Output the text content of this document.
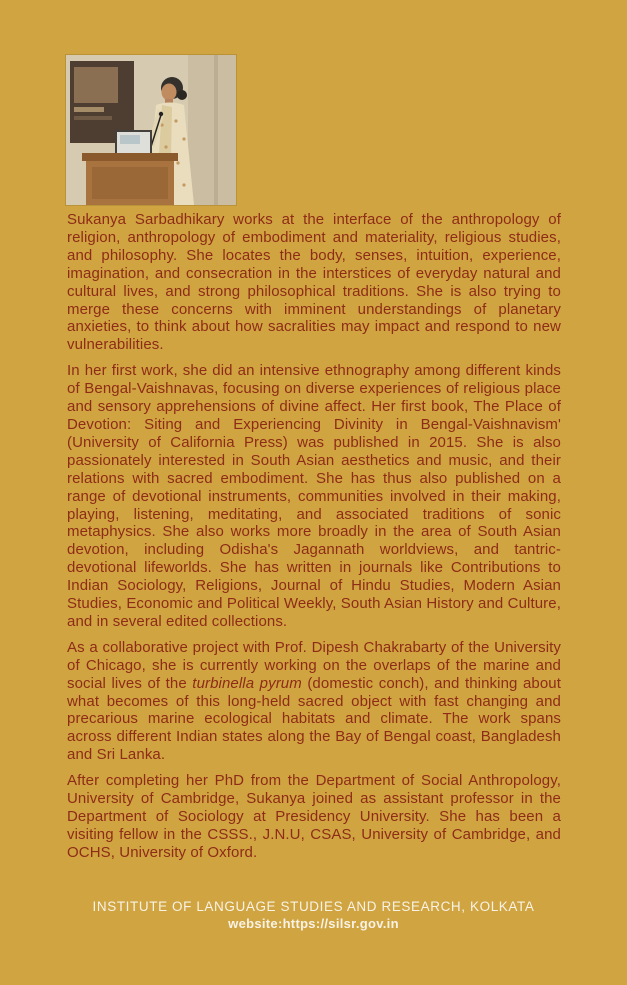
Sukanya Sarbadhikary works at the interface of the anthropology of religion, anthropology of embodiment and materiality, religious studies, and philosophy. She locates the body, senses, intuition, experience, imagination, and consecration in the interstices of everyday natural and cultural lives, and strong philosophical traditions. She is also trying to merge these concerns with imminent understandings of planetary anxieties, to think about how sacralities may impact and respond to new vulnerabilities.

In her first work, she did an intensive ethnography among different kinds of Bengal-Vaishnavas, focusing on diverse experiences of religious place and sensory apprehensions of divine affect. Her first book, The Place of Devotion: Siting and Experiencing Divinity in Bengal-Vaishnavism' (University of California Press) was published in 2015. She is also passionately interested in South Asian aesthetics and music, and their relations with sacred embodiment. She has thus also published on a range of devotional instruments, communities involved in their making, playing, listening, meditating, and associated traditions of sonic metaphysics. She also works more broadly in the area of South Asian devotion, including Odisha's Jagannath worldviews, and tantric-devotional lifeworlds. She has written in journals like Contributions to Indian Sociology, Religions, Journal of Hindu Studies, Modern Asian Studies, Economic and Political Weekly, South Asian History and Culture, and in several edited collections.

As a collaborative project with Prof. Dipesh Chakrabarty of the University of Chicago, she is currently working on the overlaps of the marine and social lives of the turbinella pyrum (domestic conch), and thinking about what becomes of this long-held sacred object with fast changing and precarious marine ecological habitats and climate. The work spans across different Indian states along the Bay of Bengal coast, Bangladesh and Sri Lanka.

After completing her PhD from the Department of Social Anthropology, University of Cambridge, Sukanya joined as assistant professor in the Department of Sociology at Presidency University. She has been a visiting fellow in the CSSS., J.N.U, CSAS, University of Cambridge, and OCHS, University of Oxford.

INSTITUTE OF LANGUAGE STUDIES AND RESEARCH, KOLKATA
website:https://silsr.gov.in
